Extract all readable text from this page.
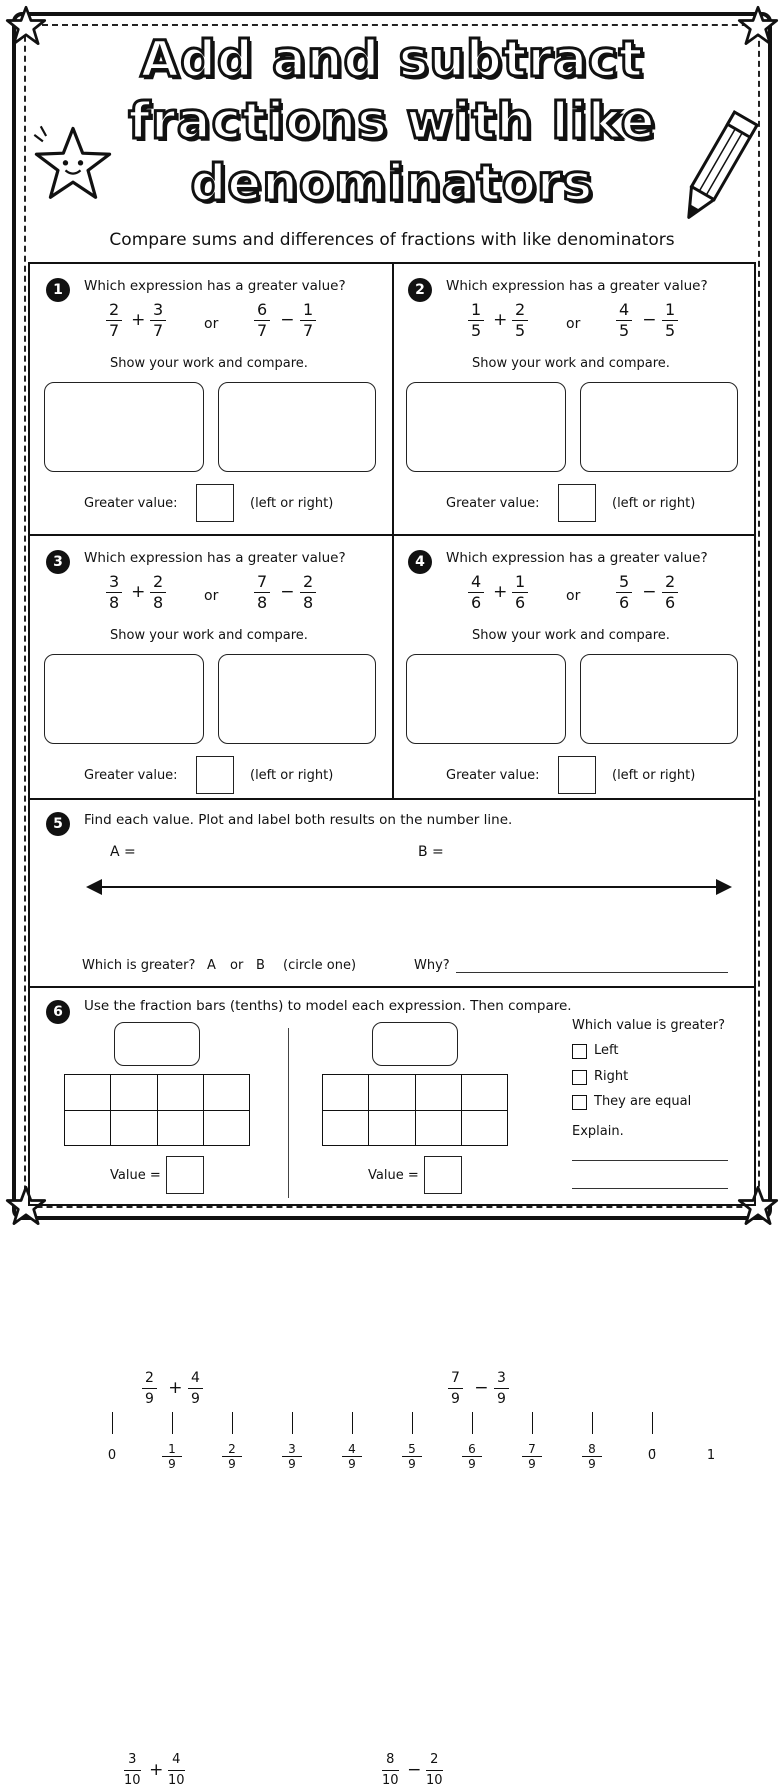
Add and subtract fractions with like denominators
Compare sums and differences of fractions with like denominators
1	Which expression has a greater value?
$\frac{2}{7} + \frac{3}{7}$	or $\frac{6}{7} - \frac{1}{7}$
Show your work and compare.
Greater value:	(left or right)
2	Which expression has a greater value?
$\frac{1}{5} + \frac{2}{5}$	or $\frac{4}{5} - \frac{1}{5}$
Show your work and compare.
Greater value:	(left or right)
3	Which expression has a greater value?
$\frac{3}{8} + \frac{2}{8}$	or $\frac{7}{8} - \frac{2}{8}$
Show your work and compare.
Greater value:	(left or right)
4	Which expression has a greater value?
$\frac{4}{6} + \frac{1}{6}$	or $\frac{5}{6} - \frac{2}{6}$
Show your work and compare.
Greater value:	(left or right)
5	Find each value. Plot and label both results on the number line.
A =
$\frac{2}{9} + \frac{4}{9}$
B =
$\frac{7}{9} - \frac{3}{9}$
0	$\frac{1}{9}$	$\frac{2}{9}$	$\frac{3}{9}$	$\frac{4}{9}$	$\frac{5}{9}$	$\frac{6}{9}$	$\frac{7}{9}$	$\frac{8}{9}$	0̄	1
Which is greater? A or B (circle one)	Why?
6	Use the fraction bars (tenths) to model each expression. Then compare.
$\frac{3}{10} + \frac{4}{10}$	$\frac{8}{10} - \frac{2}{10}$

Value =	Value =
Which value is greater?
Left
Right
They are equal
Explain.
